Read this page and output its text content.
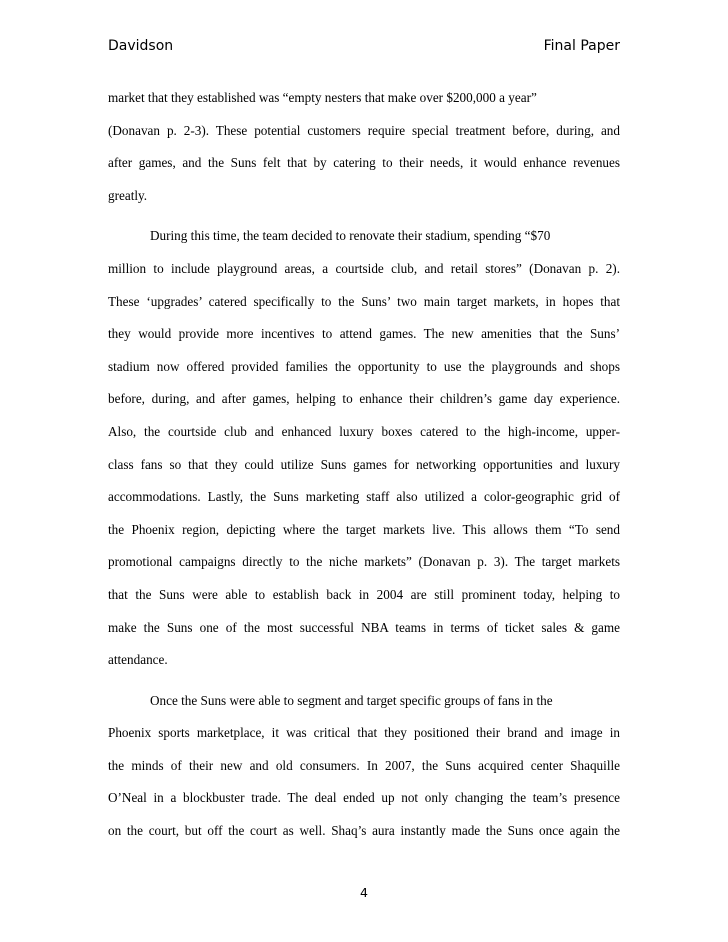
Davidson	Final Paper
market that they established was “empty nesters that make over $200,000 a year”
(Donavan p. 2-3). These potential customers require special treatment before, during, and
after games, and the Suns felt that by catering to their needs, it would enhance revenues
greatly.
During this time, the team decided to renovate their stadium, spending “$70
million to include playground areas, a courtside club, and retail stores” (Donavan p. 2).
These ‘upgrades’ catered specifically to the Suns’ two main target markets, in hopes that
they would provide more incentives to attend games. The new amenities that the Suns’
stadium now offered provided families the opportunity to use the playgrounds and shops
before, during, and after games, helping to enhance their children’s game day experience.
Also, the courtside club and enhanced luxury boxes catered to the high-income, upper-
class fans so that they could utilize Suns games for networking opportunities and luxury
accommodations. Lastly, the Suns marketing staff also utilized a color-geographic grid of
the Phoenix region, depicting where the target markets live. This allows them “To send
promotional campaigns directly to the niche markets” (Donavan p. 3). The target markets
that the Suns were able to establish back in 2004 are still prominent today, helping to
make the Suns one of the most successful NBA teams in terms of ticket sales & game
attendance.
Once the Suns were able to segment and target specific groups of fans in the
Phoenix sports marketplace, it was critical that they positioned their brand and image in
the minds of their new and old consumers. In 2007, the Suns acquired center Shaquille
O’Neal in a blockbuster trade. The deal ended up not only changing the team’s presence
on the court, but off the court as well. Shaq’s aura instantly made the Suns once again the
4
